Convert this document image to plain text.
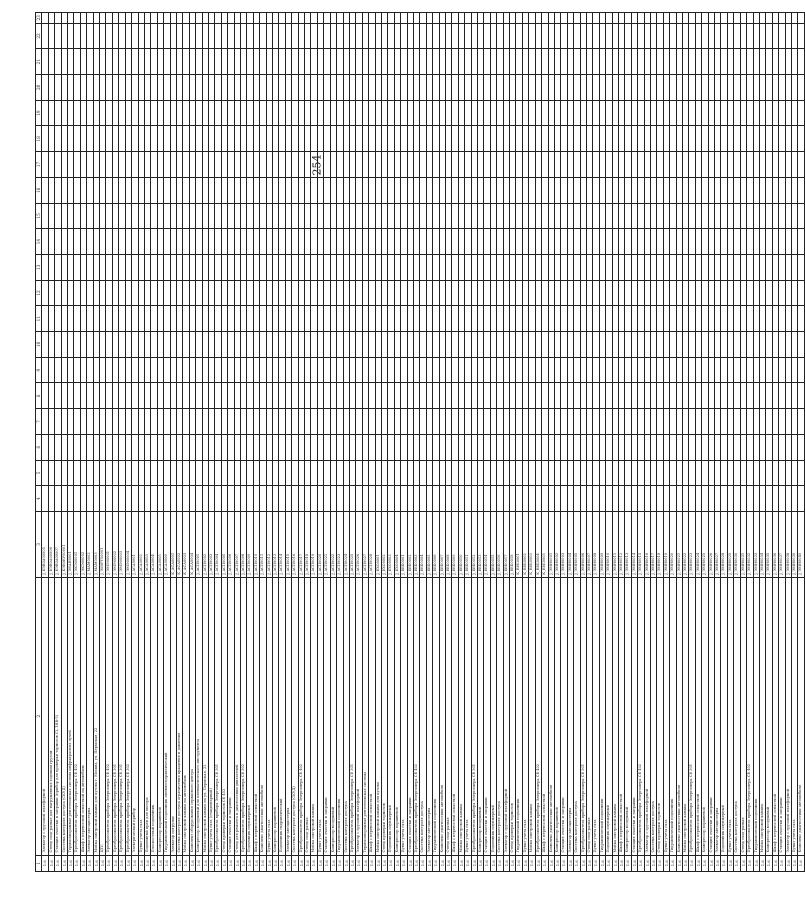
254
1	2	3	4	5	6	7	8	9	10	11	12	13	14	15	16	17	18	19	20	21	22	23
1.6	Элеватор с грузовой платформой	J_ЕЭВ0А00005																				
1.6	Стенд сход-развал для нагруженных ходовым грузом	J_ЕЭВ0А00006																				
1.6	Станция очистки и заправки (прибор для проверки тормозов CL 1НВ-5)	J_ЕЭВ0А00007																				
1.6	Система контроля доступа (СКУД)	J_КЭВ0ЕУ00001																				
1.6	Термопанорамная рентгеновская система инфракрасных лучей	J_ЭЕАН0001																				
1.6	Преобразователь прибора Энергомера СЕ 402	J_ЭКЭ00001																				
1.6	Шкаф с переносной оснасткой на автомобиль	J_ЭКЭ00002																				
1.6	Элеватор-автоцистерна	J_МАМ0002																				
1.6	Мойка смотровой канавы для кузова г. Москва, ул. Пермская, 22	J_МАМ0003																				
1.6	ЦТС	J_ЭЕ0РТ00001																				
1.6	Преобразователь прибора Энергомера СЕ 402	J_ЭМЭ00001																				
1.6	Преобразователь прибора Энергомера СЕ 301	J_ЭМЭ00002																				
1.6	Преобразователь прибора Энергомера СЕ 301	J_ЭМЭ00003																				
1.6	Преобразователь прибора Энергомера СЕ 302	J_ЭМЭ00004																				
1.6	Электрический прибор	J_АСА0001																				
1.6	Пункт учета газа	J_АСА0002																				
1.6	Подъемный кран для мотора	J_АСА0003																				
1.6	Плоскостный подъемник	J_АСА0004																				
1.6	Компрессор поршневой	J_АСА0005																				
1.6	Гидравлический подъемник пневмогидравлический	J_АСА0006																				
1.6	Элеватор погрузки	К_АСА0001																				
1.6	Система контроля доступа ограничения вращения и давления	К_АСА0002																				
1.6	Мойка смотровой канавы на автомобиль	К_АСА0003																				
1.6	Комплект оборудования сервисного центра	К_АСА0004																				
1.6	Компрессор воздушный для пневматического инструмента	J_АСП0001																				
1.6	Мойка смотровой канавы на ул. Пермская, 22	J_АСП0002																				
1.6	Пункт учета газа (стационарный)	J_АСП0003																				
1.6	Преобразователь прибора Энергомера СЕ 301	J_АСП0004																				
1.6	Стенд проверки тормозов СЕ 402	J_АСП0005																				
1.6	Станция очистки и заправки	J_АСП0006																				
1.6	Стенд для ремонта и диагностики двигателей	J_АСП0007																				
1.6	Преобразователь прибора Энергомера СЕ 302	J_АСП0008																				
1.6	Подъемник плунжерный	J_АСП0009																				
1.6	Шкаф с переносной оснасткой	J_АСП0010																				
1.6	Комплекс диагностики автомобиля	J_АСП0011																				
1.6	Пункт учета газа	J_АСП0012																				
1.6	Компрессор поршневой	J_АСП0013																				
1.6	Подъемник гидравлический	J_АСП0014																				
1.6	Элеватор-автоцистерна	J_АСП0015																				
1.6	Система контроля доступа (СКУД)	J_АСП0016																				
1.6	Преобразователь прибора Энергомера СЕ 402	J_АСП0017																				
1.6	Стенд сход-развал	J_АСП0018																				
1.6	Мойка смотровой канавы	J_АСП0019																				
1.6	Пункт учета газа	J_АСП0020																				
1.6	Станция очистки и заправки	J_АСП0021																				
1.6	Компрессор воздушный	J_АСП0022																				
1.6	Гидравлический подъемник	J_АСП0023																				
1.6	Система контроля доступа	J_АСП0024																				
1.6	Преобразователь прибора Энергомера СЕ 301	J_АСП0025																				
1.6	Элеватор с грузовой платформой	J_АСП0026																				
1.6	Термопанорамная рентгеновская система	J_АСП0027																				
1.6	Шкаф с переносной оснасткой	J_АСП0028																				
1.6	Мойка смотровой канавы для кузова	J_ЕХО0001																				
1.6	Стенд проверки тормозов	J_ЕХО0002																				
1.6	Подъемник плунжерный	J_ЕХО0003																				
1.6	Компрессор поршневой	J_ЕХО0004																				
1.6	Пункт учета газа	J_ЕЕБ0001																				
1.6	Станция очистки и заправки	J_ЕЕБ0002																				
1.6	Преобразователь прибора Энергомера СЕ 402	J_ЕЕБ0003																				
1.6	Система контроля доступа	J_ЕЕБ0004																				
1.6	Элеватор-автоцистерна	J_ЕЕБ0005																				
1.6	Гидравлический подъемник	J_ЕЕБ0006																				
1.6	Комплекс диагностики автомобиля	J_ЕЕБ0007																				
1.6	Стенд сход-развал	J_ЕЕБ0008																				
1.6	Шкаф с переносной оснасткой	J_ЕЕБ0009																				
1.6	Мойка смотровой канавы	J_ЕЕБ0010																				
1.6	Пункт учета газа	J_ЕЕБ0011																				
1.6	Преобразователь прибора Энергомера СЕ 301	J_ЕЕБ0012																				
1.6	Компрессор воздушный	J_ЕЕБ0013																				
1.6	Станция очистки и заправки	J_ЕЕБ0014																				
1.6	Подъемник плунжерный	J_ЕЕБ0015																				
1.6	Система контроля доступа	J_ЕЕБ0016																				
1.6	Элеватор с грузовой платформой	J_ЕЕБ0017																				
1.6	Стенд проверки тормозов	J_ЕЕБ0018																				
1.6	Гидравлический подъемник	К_ЕЕБ0001																				
1.6	Пункт учета газа	К_ЕЕБ0002																				
1.6	Мойка смотровой канавы	К_ЕЕБ0003																				
1.6	Преобразователь прибора Энергомера СЕ 402	К_ЕЕБ0004																				
1.6	Шкаф с переносной оснасткой	К_ЕЕБ0005																				
1.6	Комплекс диагностики автомобиля	J_ЭМН0001																				
1.6	Компрессор поршневой	J_ЭМН0002																				
1.6	Станция очистки и заправки	J_ЭМН0003																				
1.6	Элеватор-автоцистерна	J_ЭМН0004																				
1.6	Система контроля доступа	J_ЭМН0005																				
1.6	Преобразователь прибора Энергомера СЕ 301	J_ЭМН0006																				
1.6	Стенд сход-развал	J_ЭМН0007																				
1.6	Пункт учета газа	J_ЭМН0008																				
1.6	Гидравлический подъемник	J_ЭМН0009																				
1.6	Подъемник плунжерный	J_ЭМН0010																				
1.6	Мойка смотровой канавы	J_ЭМН0011																				
1.6	Шкаф с переносной оснасткой	J_ЭМН0012																				
1.6	Компрессор воздушный	J_ЭМН0013																				
1.6	Станция очистки и заправки	J_ЭМН0014																				
1.6	Преобразователь прибора Энергомера СЕ 402	J_ЭМН0015																				
1.6	Элеватор с грузовой платформой	J_ЭМН0016																				
1.6	Система контроля доступа	J_ЭМН0017																				
1.6	Стенд проверки тормозов	J_ЭМН0018																				
1.6	Пункт учета газа	J_ЭМН0019																				
1.6	Гидравлический подъемник	J_ЭМН0020																				
1.6	Комплекс диагностики автомобиля	J_ЭМН0021																				
1.6	Мойка смотровой канавы	J_ЭМН0022																				
1.6	Преобразователь прибора Энергомера СЕ 301	J_ЭМН0023																				
1.6	Шкаф с переносной оснасткой	J_ЭМН0024																				
1.6	Компрессор поршневой	J_ЭМН0025																				
1.6	Станция очистки и заправки	J_ЭМН0026																				
1.6	Элеватор-автоцистерна	J_ЭМН0027																				
1.6	Подъемник плунжерный	J_ЭМН0028																				
1.6	Пункт учета газа	J_ЭМН0029																				
1.6	Система контроля доступа	J_ЭМН0030																				
1.6	Стенд сход-развал	J_ЭМН0031																				
1.6	Преобразователь прибора Энергомера СЕ 402	J_ЭМН0032																				
1.6	Гидравлический подъемник	J_ЭМН0033																				
1.6	Мойка смотровой канавы	J_ЭМН0034																				
1.6	Компрессор воздушный	J_ЭМН0035																				
1.6	Шкаф с переносной оснасткой	J_ЭМН0036																				
1.6	Станция очистки и заправки	J_ЭМН0037																				
1.6	Элеватор с грузовой платформой	J_ЭМН0038																				
1.6	Пункт учета газа	J_ЭМН0039																				
1.6	Комплекс диагностики автомобиля	J_ЭМН0040																				
